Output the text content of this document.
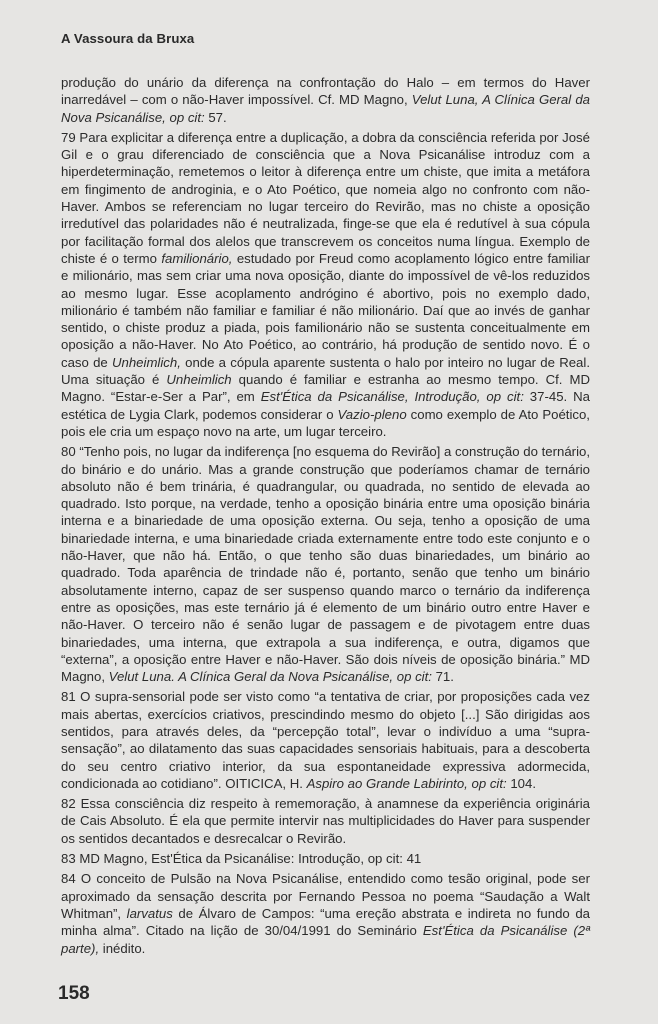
A Vassoura da Bruxa

produção do unário da diferença na confrontação do Halo – em termos do Haver inarredável – com o não-Haver impossível. Cf. MD Magno, Velut Luna, A Clínica Geral da Nova Psicanálise, op cit: 57.

79 Para explicitar a diferença entre a duplicação, a dobra da consciência referida por José Gil e o grau diferenciado de consciência que a Nova Psicanálise introduz com a hiperdeterminação, remetemos o leitor à diferença entre um chiste, que imita a metáfora em fingimento de androginia, e o Ato Poético, que nomeia algo no confronto com não-Haver. Ambos se referenciam no lugar terceiro do Revirão, mas no chiste a oposição irredutível das polaridades não é neutralizada, finge-se que ela é redutível à sua cópula por facilitação formal dos alelos que transcrevem os conceitos numa língua. Exemplo de chiste é o termo familionário, estudado por Freud como acoplamento lógico entre familiar e milionário, mas sem criar uma nova oposição, diante do impossível de vê-los reduzidos ao mesmo lugar. Esse acoplamento andrógino é abortivo, pois no exemplo dado, milionário é também não familiar e familiar é não milionário. Daí que ao invés de ganhar sentido, o chiste produz a piada, pois familionário não se sustenta conceitualmente em oposição a não-Haver. No Ato Poético, ao contrário, há produção de sentido novo. É o caso de Unheimlich, onde a cópula aparente sustenta o halo por inteiro no lugar de Real. Uma situação é Unheimlich quando é familiar e estranha ao mesmo tempo. Cf. MD Magno. “Estar-e-Ser a Par”, em Est'Ética da Psicanálise, Introdução, op cit: 37-45. Na estética de Lygia Clark, podemos considerar o Vazio-pleno como exemplo de Ato Poético, pois ele cria um espaço novo na arte, um lugar terceiro.

80 “Tenho pois, no lugar da indiferença [no esquema do Revirão] a construção do ternário, do binário e do unário. Mas a grande construção que poderíamos chamar de ternário absoluto não é bem trinária, é quadrangular, ou quadrada, no sentido de elevada ao quadrado. Isto porque, na verdade, tenho a oposição binária entre uma oposição binária interna e a binariedade de uma oposição externa. Ou seja, tenho a oposição de uma binariedade interna, e uma binariedade criada externamente entre todo este conjunto e o não-Haver, que não há. Então, o que tenho são duas binariedades, um binário ao quadrado. Toda aparência de trindade não é, portanto, senão que tenho um binário absolutamente interno, capaz de ser suspenso quando marco o ternário da indiferença entre as oposições, mas este ternário já é elemento de um binário outro entre Haver e não-Haver. O terceiro não é senão lugar de passagem e de pivotagem entre duas binariedades, uma interna, que extrapola a sua indiferença, e outra, digamos que “externa”, a oposição entre Haver e não-Haver. São dois níveis de oposição binária.” MD Magno, Velut Luna. A Clínica Geral da Nova Psicanálise, op cit: 71.

81 O supra-sensorial pode ser visto como “a tentativa de criar, por proposições cada vez mais abertas, exercícios criativos, prescindindo mesmo do objeto [...] São dirigidas aos sentidos, para através deles, da “percepção total”, levar o indivíduo a uma “supra-sensação”, ao dilatamento das suas capacidades sensoriais habituais, para a descoberta do seu centro criativo interior, da sua espontaneidade expressiva adormecida, condicionada ao cotidiano”. OITICICA, H. Aspiro ao Grande Labirinto, op cit: 104.

82 Essa consciência diz respeito à rememoração, à anamnese da experiência originária de Cais Absoluto. É ela que permite intervir nas multiplicidades do Haver para suspender os sentidos decantados e desrecalcar o Revirão.

83 MD Magno, Est'Ética da Psicanálise: Introdução, op cit: 41

84 O conceito de Pulsão na Nova Psicanálise, entendido como tesão original, pode ser aproximado da sensação descrita por Fernando Pessoa no poema “Saudação a Walt Whitman”, larvatus de Álvaro de Campos: “uma ereção abstrata e indireta no fundo da minha alma”. Citado na lição de 30/04/1991 do Seminário Est'Ética da Psicanálise (2ª parte), inédito.

158
